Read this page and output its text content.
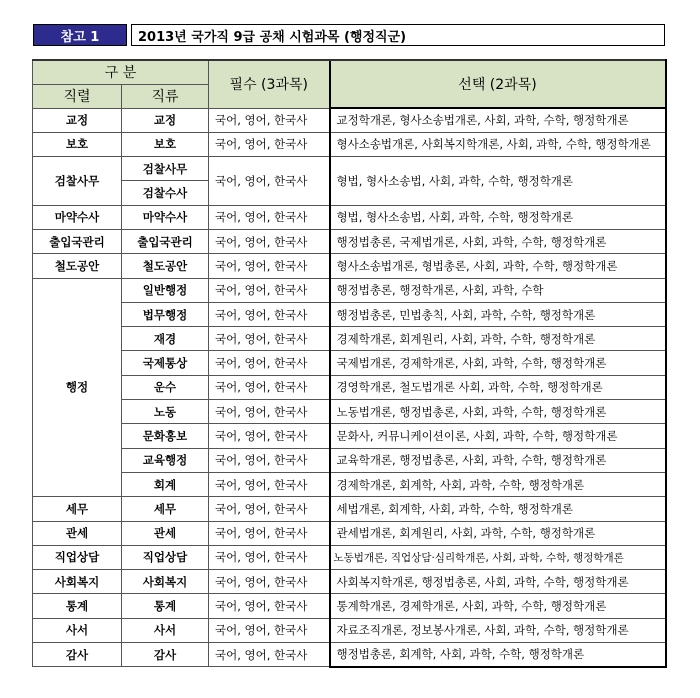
참고 1	2013년 국가직 9급 공채 시험과목 (행정직군)
구 분		필수 (3과목)	선택 (2과목)
직렬	직류		
교정	교정	국어, 영어, 한국사	교정학개론, 형사소송법개론, 사회, 과학, 수학, 행정학개론
보호	보호	국어, 영어, 한국사	형사소송법개론, 사회복지학개론, 사회, 과학, 수학, 행정학개론
검찰사무	검찰사무	국어, 영어, 한국사	형법, 형사소송법, 사회, 과학, 수학, 행정학개론
	검찰수사		
마약수사	마약수사	국어, 영어, 한국사	형법, 형사소송법, 사회, 과학, 수학, 행정학개론
출입국관리	출입국관리	국어, 영어, 한국사	행정법총론, 국제법개론, 사회, 과학, 수학, 행정학개론
철도공안	철도공안	국어, 영어, 한국사	형사소송법개론, 형법총론, 사회, 과학, 수학, 행정학개론
행정	일반행정	국어, 영어, 한국사	행정법총론, 행정학개론, 사회, 과학, 수학
	법무행정	국어, 영어, 한국사	행정법총론, 민법총칙, 사회, 과학, 수학, 행정학개론
	재경	국어, 영어, 한국사	경제학개론, 회계원리, 사회, 과학, 수학, 행정학개론
	국제통상	국어, 영어, 한국사	국제법개론, 경제학개론, 사회, 과학, 수학, 행정학개론
	운수	국어, 영어, 한국사	경영학개론, 철도법개론 사회, 과학, 수학, 행정학개론
	노동	국어, 영어, 한국사	노동법개론, 행정법총론, 사회, 과학, 수학, 행정학개론
	문화홍보	국어, 영어, 한국사	문화사, 커뮤니케이션이론, 사회, 과학, 수학, 행정학개론
	교육행정	국어, 영어, 한국사	교육학개론, 행정법총론, 사회, 과학, 수학, 행정학개론
	회계	국어, 영어, 한국사	경제학개론, 회계학, 사회, 과학, 수학, 행정학개론
세무	세무	국어, 영어, 한국사	세법개론, 회계학, 사회, 과학, 수학, 행정학개론
관세	관세	국어, 영어, 한국사	관세법개론, 회계원리, 사회, 과학, 수학, 행정학개론
직업상담	직업상담	국어, 영어, 한국사	노동법개론, 직업상담·심리학개론, 사회, 과학, 수학, 행정학개론
사회복지	사회복지	국어, 영어, 한국사	사회복지학개론, 행정법총론, 사회, 과학, 수학, 행정학개론
통계	통계	국어, 영어, 한국사	통계학개론, 경제학개론, 사회, 과학, 수학, 행정학개론
사서	사서	국어, 영어, 한국사	자료조직개론, 정보봉사개론, 사회, 과학, 수학, 행정학개론
감사	감사	국어, 영어, 한국사	행정법총론, 회계학, 사회, 과학, 수학, 행정학개론
